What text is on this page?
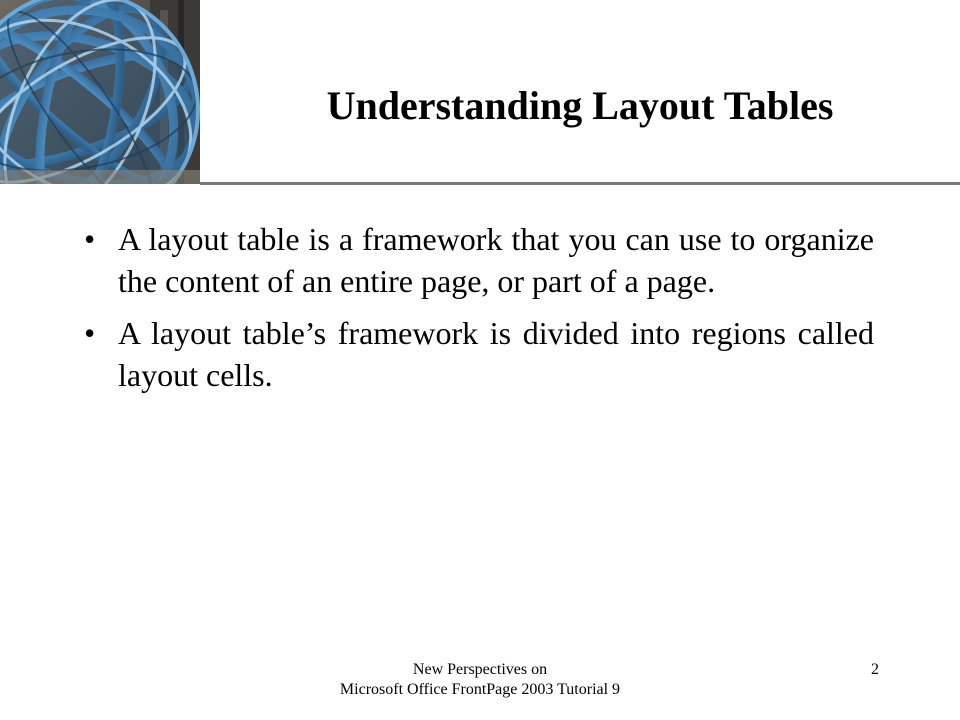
Understanding Layout Tables
• A layout table is a framework that you can use to organize the content of an entire page, or part of a page.
• A layout table’s framework is divided into regions called layout cells.
New Perspectives on
Microsoft Office FrontPage 2003 Tutorial 9
2
